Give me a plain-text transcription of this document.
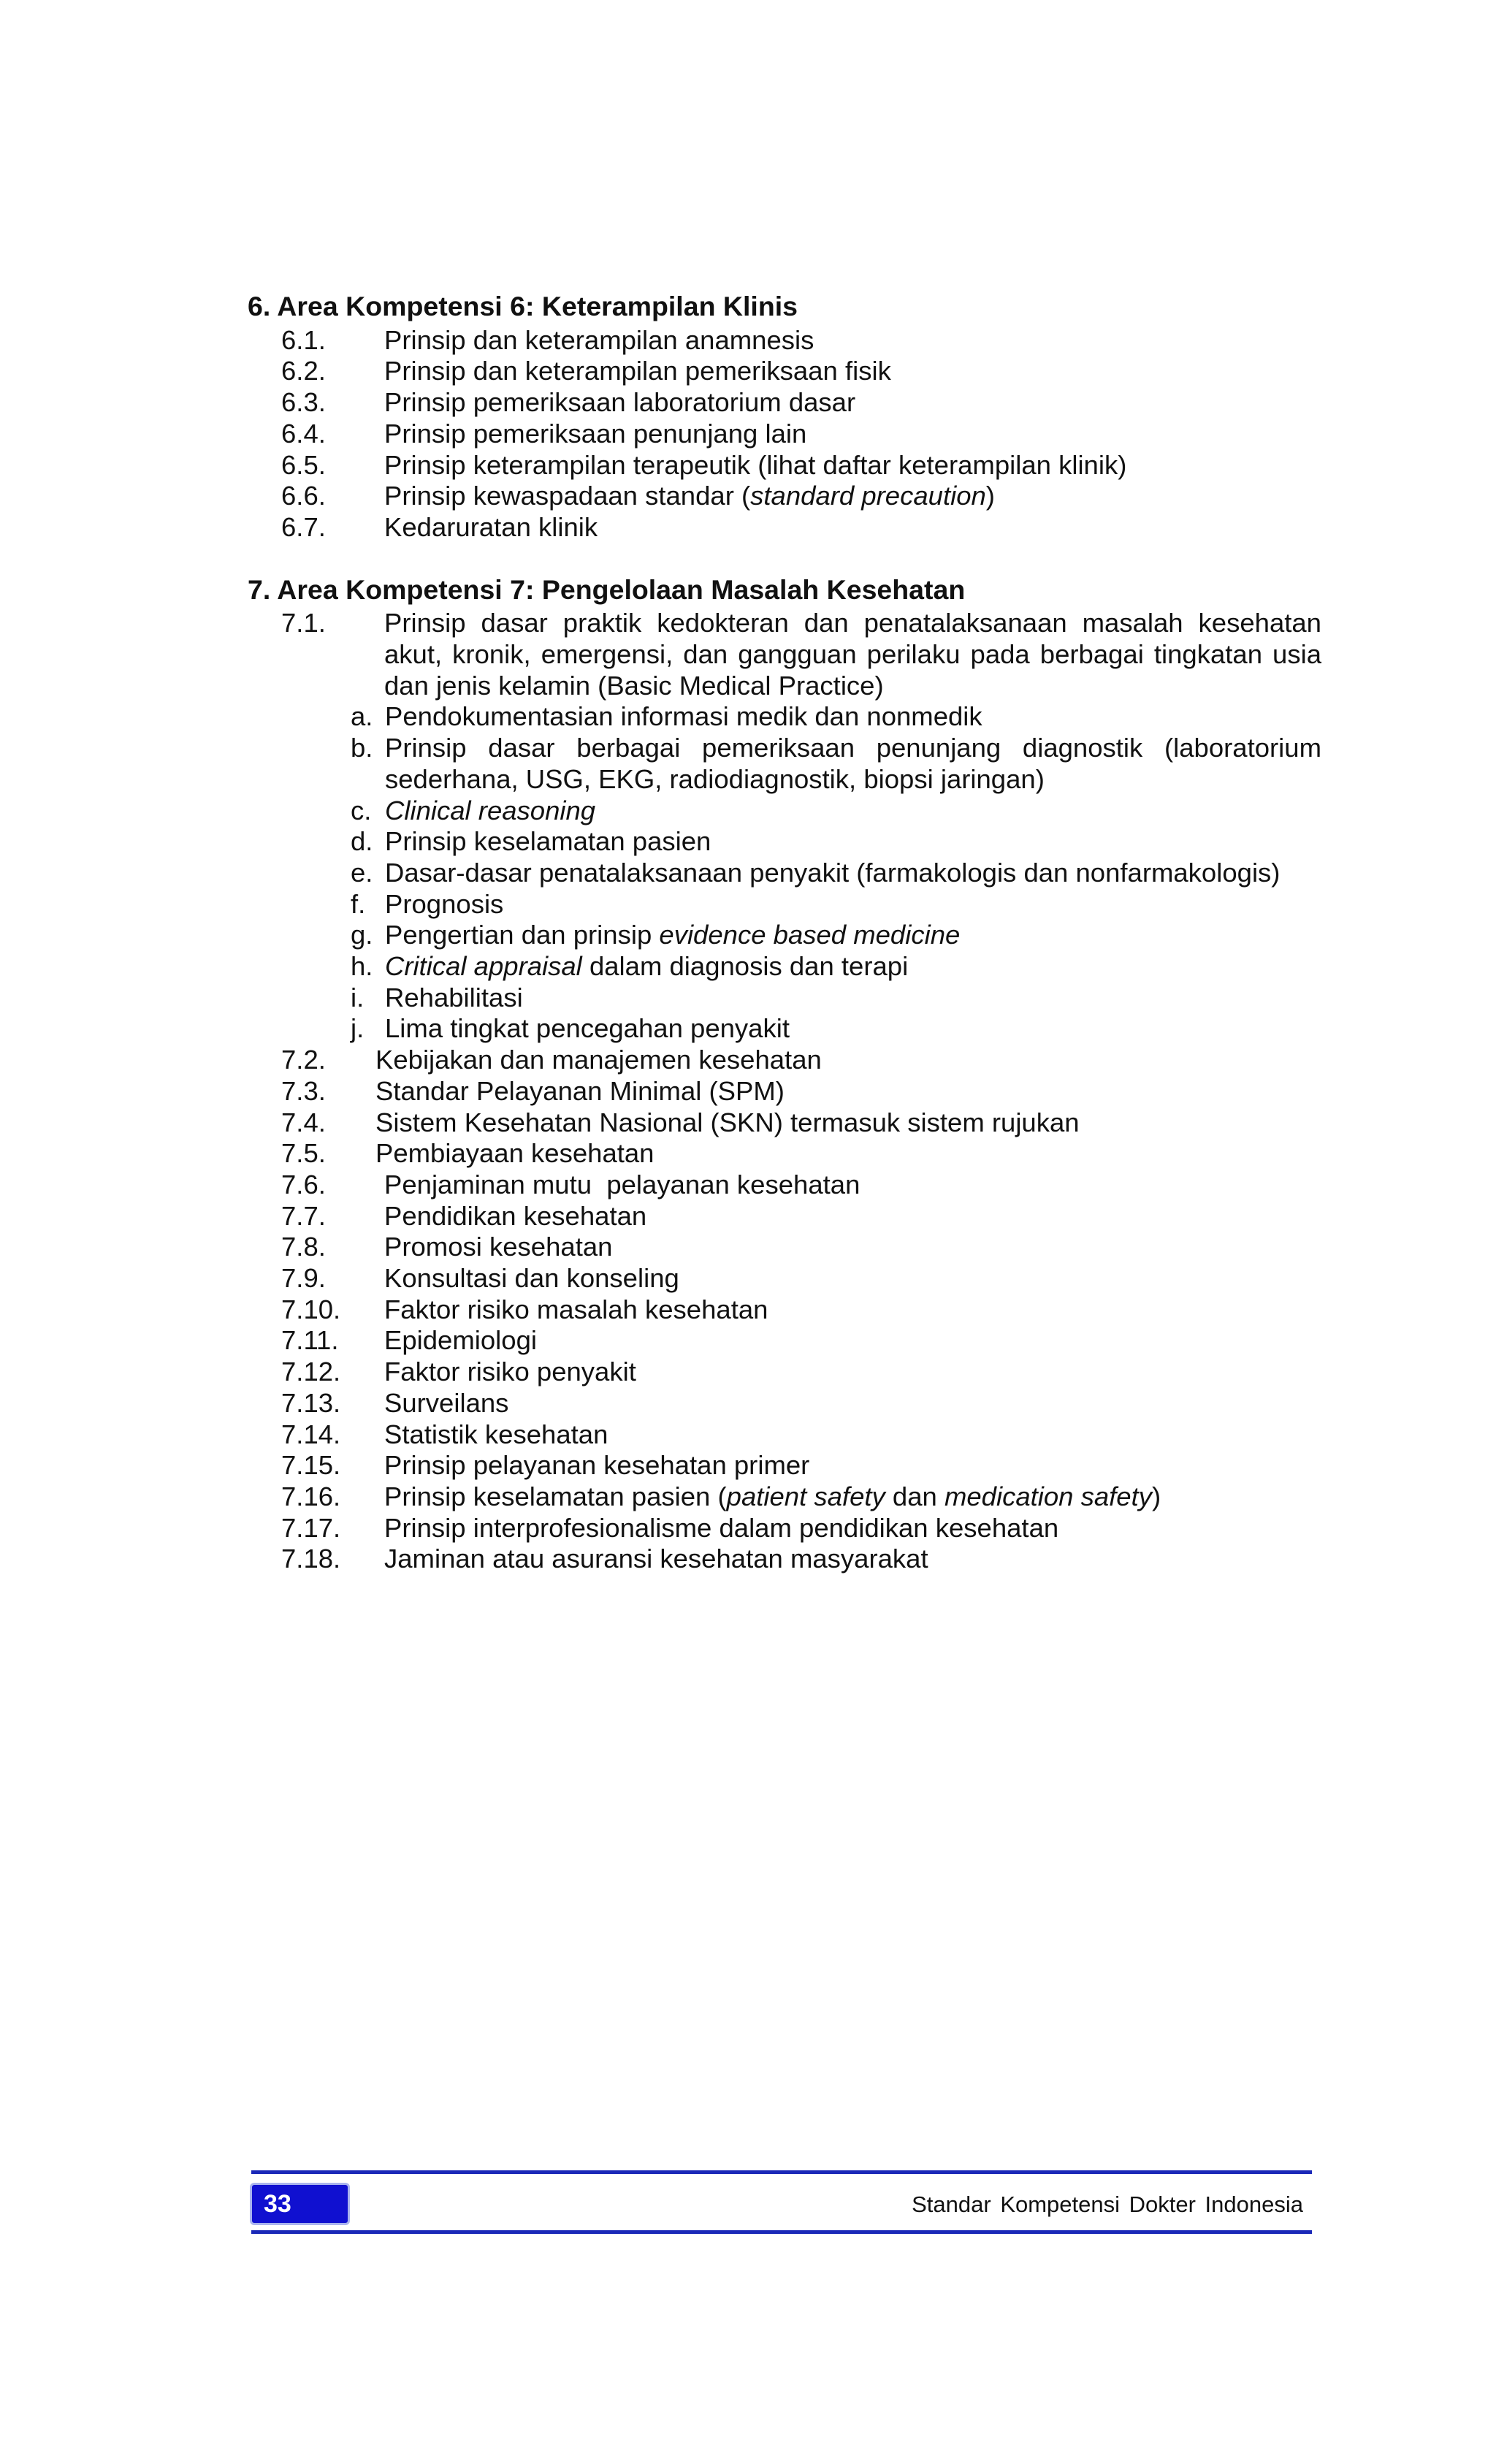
6. Area Kompetensi 6: Keterampilan Klinis
6.1.	Prinsip dan keterampilan anamnesis
6.2.	Prinsip dan keterampilan pemeriksaan fisik
6.3.	Prinsip pemeriksaan laboratorium dasar
6.4.	Prinsip pemeriksaan penunjang lain
6.5.	Prinsip keterampilan terapeutik (lihat daftar keterampilan klinik)
6.6.	Prinsip kewaspadaan standar (standard precaution)
6.7.	Kedaruratan klinik
7. Area Kompetensi 7: Pengelolaan Masalah Kesehatan
7.1.	Prinsip dasar praktik kedokteran dan penatalaksanaan masalah kesehatan akut, kronik, emergensi, dan gangguan perilaku pada berbagai tingkatan usia dan jenis kelamin (Basic Medical Practice)
a. Pendokumentasian informasi medik dan nonmedik
b. Prinsip dasar berbagai pemeriksaan penunjang diagnostik (laboratorium sederhana, USG, EKG, radiodiagnostik, biopsi jaringan)
c. Clinical reasoning
d. Prinsip keselamatan pasien
e. Dasar-dasar penatalaksanaan penyakit (farmakologis dan nonfarmakologis)
f. Prognosis
g. Pengertian dan prinsip evidence based medicine
h. Critical appraisal dalam diagnosis dan terapi
i. Rehabilitasi
j. Lima tingkat pencegahan penyakit
7.2.	Kebijakan dan manajemen kesehatan
7.3.	Standar Pelayanan Minimal (SPM)
7.4.	Sistem Kesehatan Nasional (SKN) termasuk sistem rujukan
7.5.	Pembiayaan kesehatan
7.6.	Penjaminan mutu  pelayanan kesehatan
7.7.	Pendidikan kesehatan
7.8.	Promosi kesehatan
7.9.	Konsultasi dan konseling
7.10.	Faktor risiko masalah kesehatan
7.11.	Epidemiologi
7.12.	Faktor risiko penyakit
7.13.	Surveilans
7.14.	Statistik kesehatan
7.15.	Prinsip pelayanan kesehatan primer
7.16.	Prinsip keselamatan pasien (patient safety dan medication safety)
7.17.	Prinsip interprofesionalisme dalam pendidikan kesehatan
7.18.	Jaminan atau asuransi kesehatan masyarakat
33	Standar Kompetensi Dokter Indonesia
